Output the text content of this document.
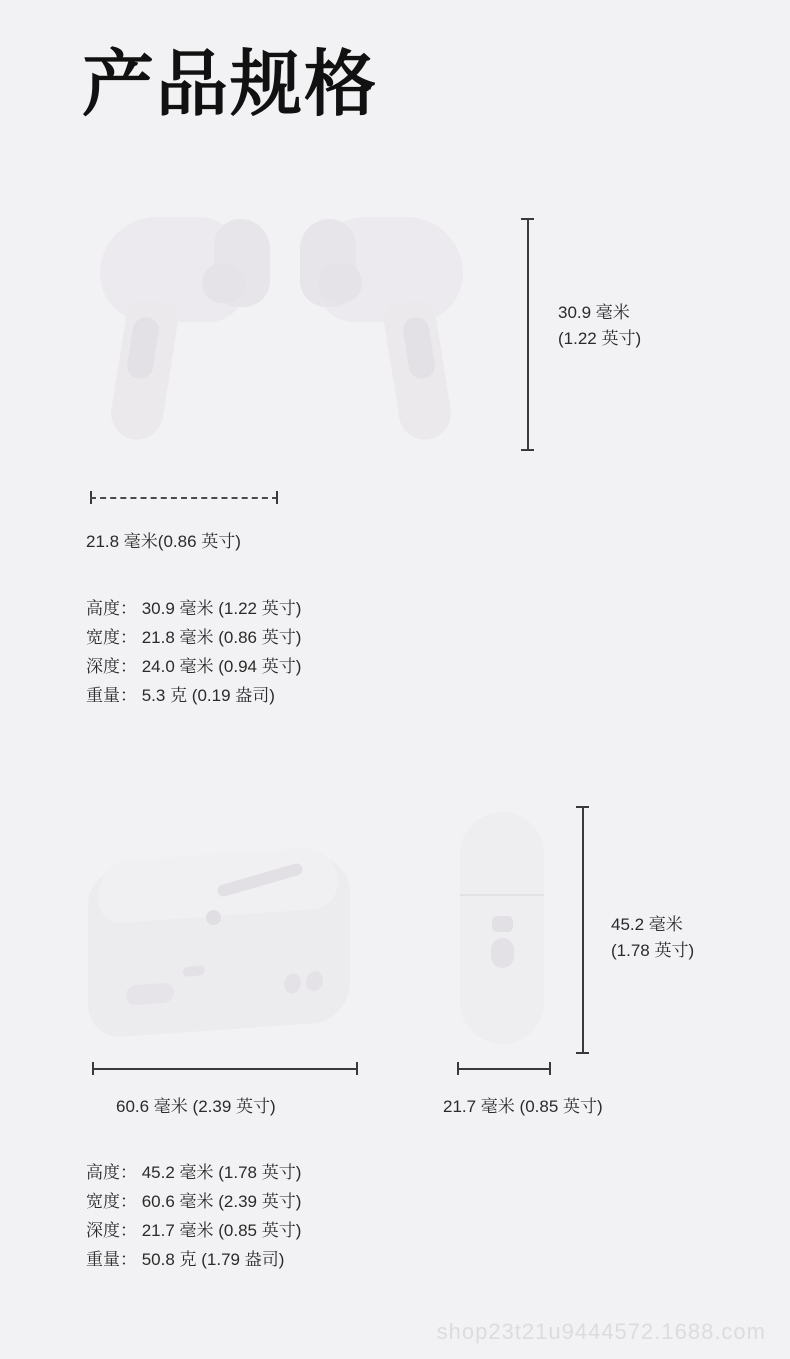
产品规格
30.9 毫米
(1.22 英寸)
21.8 毫米(0.86 英寸)
高度： 30.9 毫米 (1.22 英寸)
宽度： 21.8 毫米 (0.86 英寸)
深度： 24.0 毫米 (0.94 英寸)
重量： 5.3 克 (0.19 盎司)
45.2 毫米
(1.78 英寸)
60.6 毫米 (2.39 英寸)	21.7 毫米 (0.85 英寸)
高度： 45.2 毫米 (1.78 英寸)
宽度： 60.6 毫米 (2.39 英寸)
深度： 21.7 毫米 (0.85 英寸)
重量： 50.8 克 (1.79 盎司)
shop23t21u9444572.1688.com
